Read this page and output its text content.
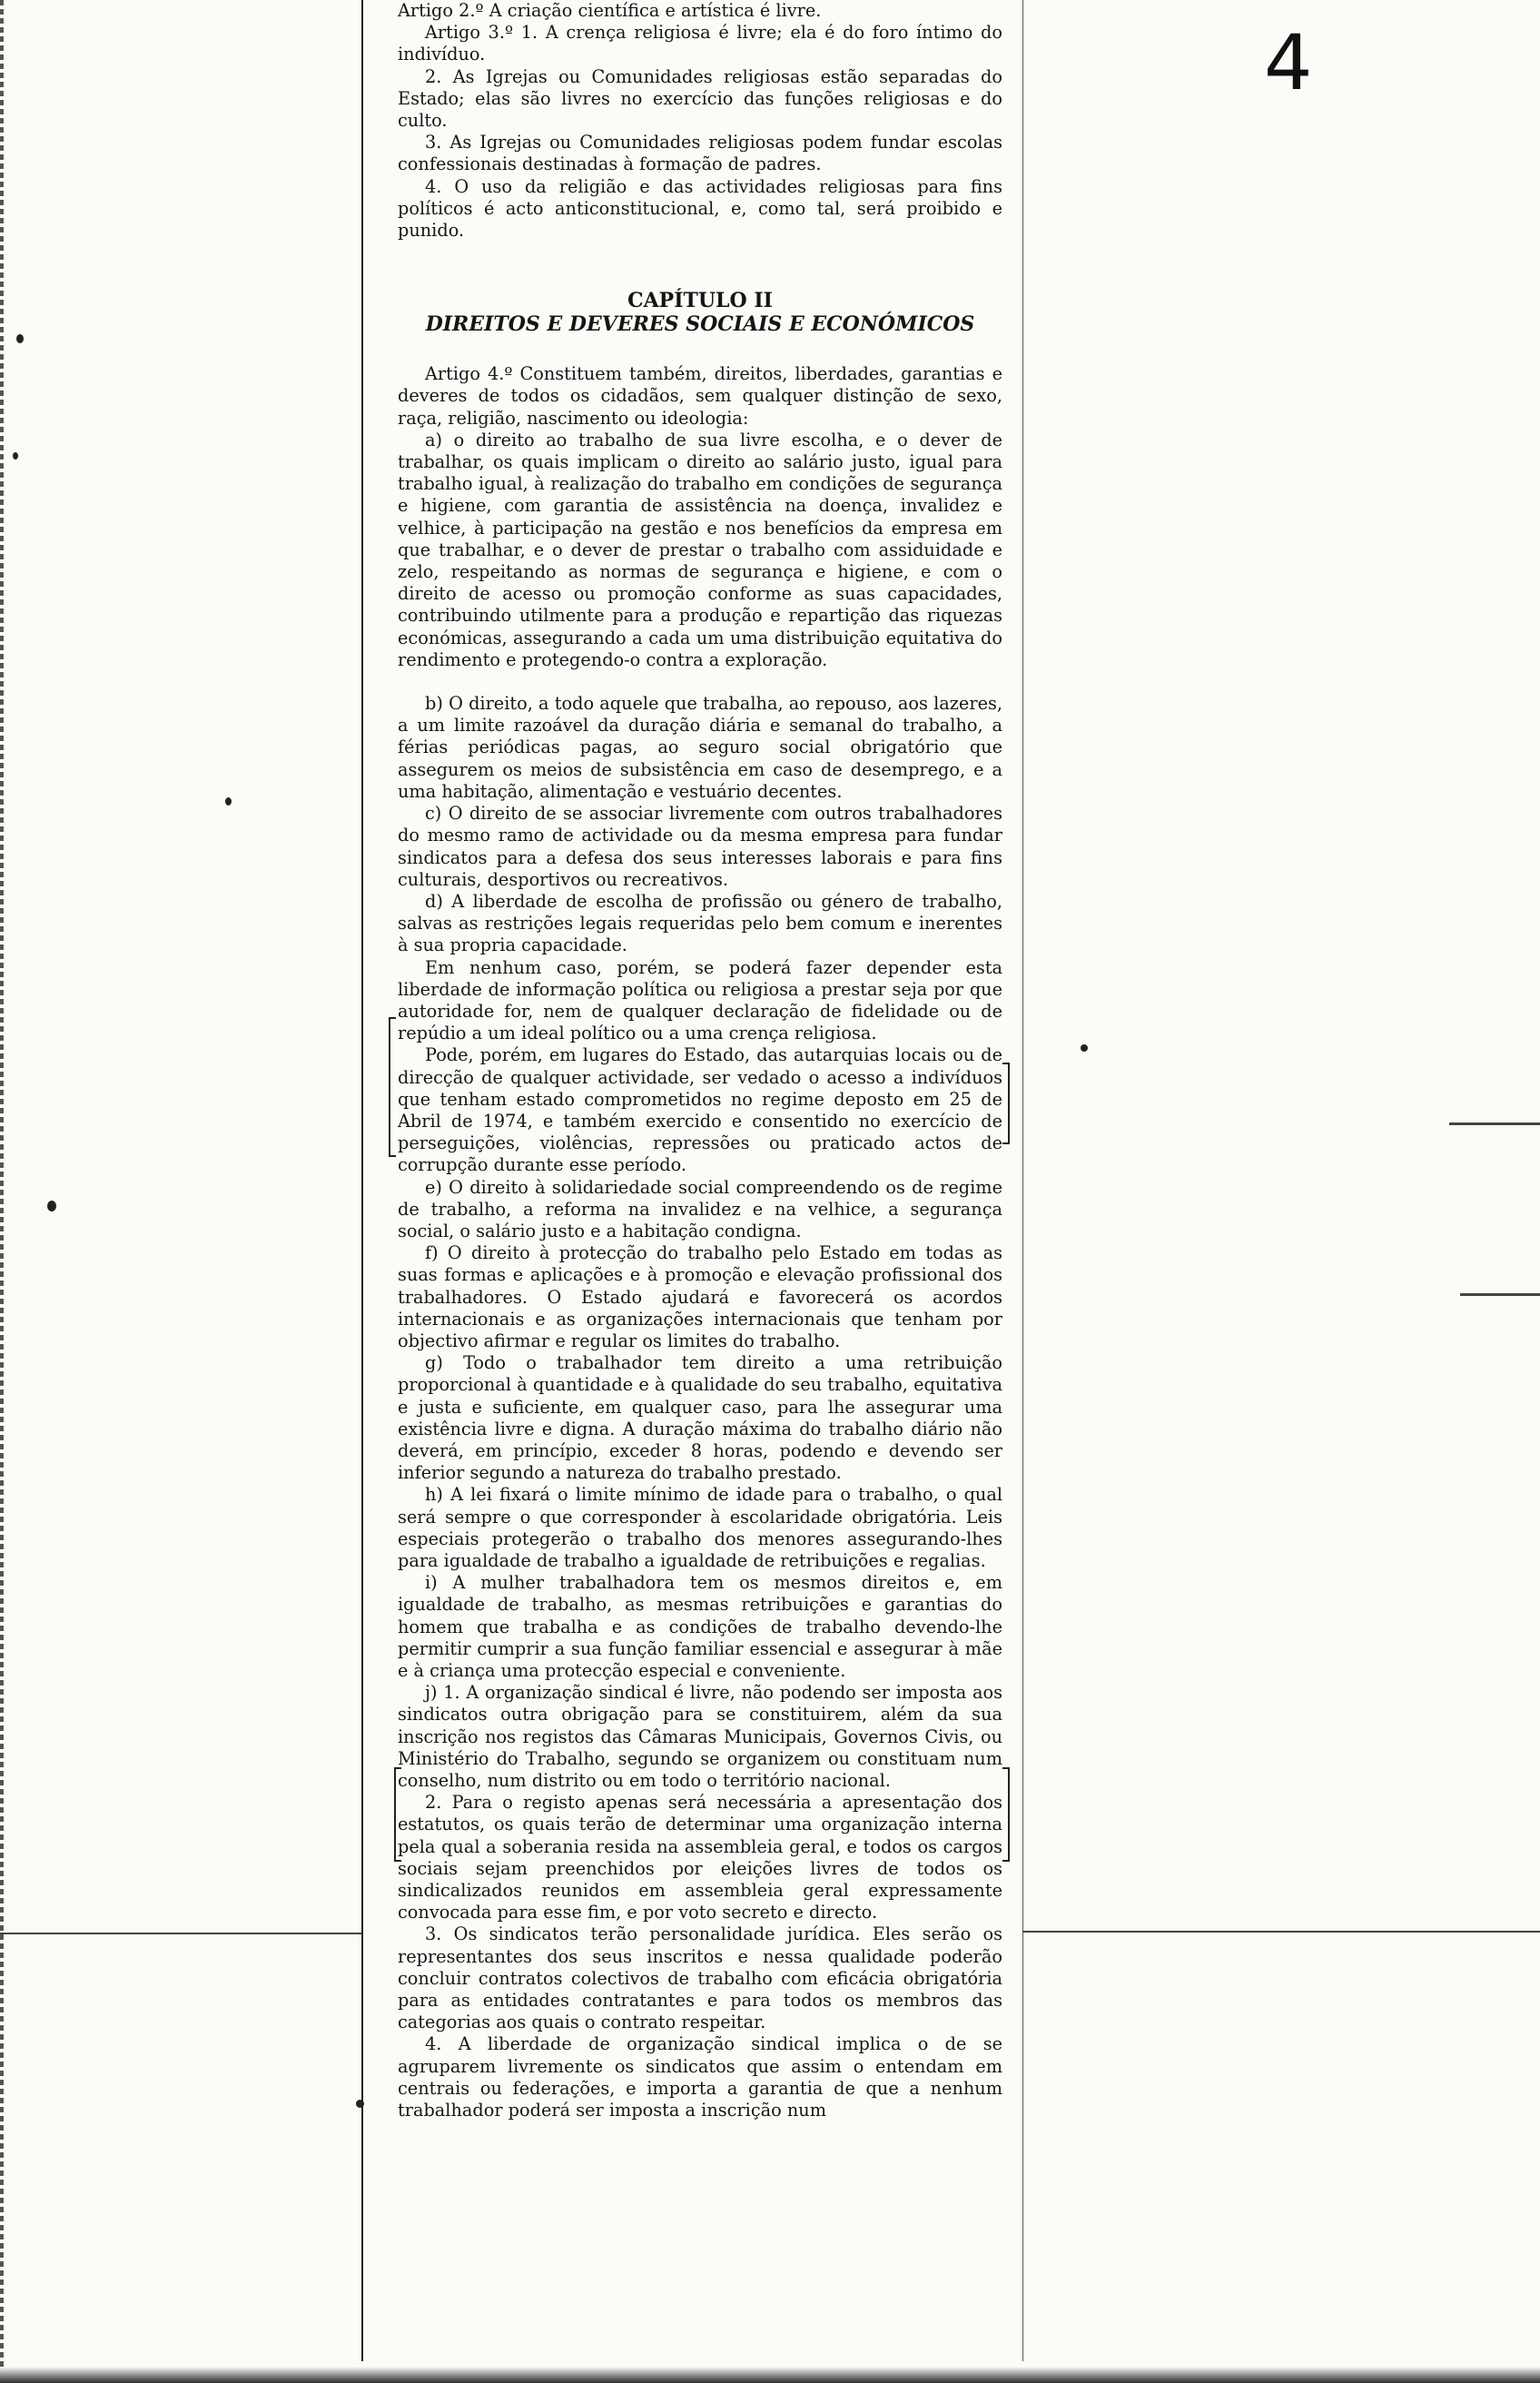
4

Artigo 2.º A criação científica e artística é livre.

Artigo 3.º 1. A crença religiosa é livre; ela é do foro íntimo do indivíduo.

2. As Igrejas ou Comunidades religiosas estão separadas do Estado; elas são livres no exercício das funções religiosas e do culto.

3. As Igrejas ou Comunidades religiosas podem fundar escolas confessionais destinadas à formação de padres.

4. O uso da religião e das actividades religiosas para fins políticos é acto anticonstitucional, e, como tal, será proibido e punido.

CAPÍTULO II
DIREITOS E DEVERES SOCIAIS E ECONÓMICOS

Artigo 4.º Constituem também, direitos, liberdades, garantias e deveres de todos os cidadãos, sem qualquer distinção de sexo, raça, religião, nascimento ou ideologia:

a) o direito ao trabalho de sua livre escolha, e o dever de trabalhar, os quais implicam o direito ao salário justo, igual para trabalho igual, à realização do trabalho em condições de segurança e higiene, com garantia de assistência na doença, invalidez e velhice, à participação na gestão e nos benefícios da empresa em que trabalhar, e o dever de prestar o trabalho com assiduidade e zelo, respeitando as normas de segurança e higiene, e com o direito de acesso ou promoção conforme as suas capacidades, contribuindo utilmente para a produção e repartição das riquezas económicas, assegurando a cada um uma distribuição equitativa do rendimento e protegendo-o contra a exploração.

b) O direito, a todo aquele que trabalha, ao repouso, aos lazeres, a um limite razoável da duração diária e semanal do trabalho, a férias periódicas pagas, ao seguro social obrigatório que assegurem os meios de subsistência em caso de desemprego, e a uma habitação, alimentação e vestuário decentes.

c) O direito de se associar livremente com outros trabalhadores do mesmo ramo de actividade ou da mesma empresa para fundar sindicatos para a defesa dos seus interesses laborais e para fins culturais, desportivos ou recreativos.

d) A liberdade de escolha de profissão ou género de trabalho, salvas as restrições legais requeridas pelo bem comum e inerentes à sua propria capacidade.

Em nenhum caso, porém, se poderá fazer depender esta liberdade de informação política ou religiosa a prestar seja por que autoridade for, nem de qualquer declaração de fidelidade ou de repúdio a um ideal político ou a uma crença religiosa.

Pode, porém, em lugares do Estado, das autarquias locais ou de direcção de qualquer actividade, ser vedado o acesso a indivíduos que tenham estado comprometidos no regime deposto em 25 de Abril de 1974, e também exercido e consentido no exercício de perseguições, violências, repressões ou praticado actos de corrupção durante esse período.

e) O direito à solidariedade social compreendendo os de regime de trabalho, a reforma na invalidez e na velhice, a segurança social, o salário justo e a habitação condigna.

f) O direito à protecção do trabalho pelo Estado em todas as suas formas e aplicações e à promoção e elevação profissional dos trabalhadores. O Estado ajudará e favorecerá os acordos internacionais e as organizações internacionais que tenham por objectivo afirmar e regular os limites do trabalho.

g) Todo o trabalhador tem direito a uma retribuição proporcional à quantidade e à qualidade do seu trabalho, equitativa e justa e suficiente, em qualquer caso, para lhe assegurar uma existência livre e digna. A duração máxima do trabalho diário não deverá, em princípio, exceder 8 horas, podendo e devendo ser inferior segundo a natureza do trabalho prestado.

h) A lei fixará o limite mínimo de idade para o trabalho, o qual será sempre o que corresponder à escolaridade obrigatória. Leis especiais protegerão o trabalho dos menores assegurando-lhes para igualdade de trabalho a igualdade de retribuições e regalias.

i) A mulher trabalhadora tem os mesmos direitos e, em igualdade de trabalho, as mesmas retribuições e garantias do homem que trabalha e as condições de trabalho devendo-lhe permitir cumprir a sua função familiar essencial e assegurar à mãe e à criança uma protecção especial e conveniente.

j) 1. A organização sindical é livre, não podendo ser imposta aos sindicatos outra obrigação para se constituirem, além da sua inscrição nos registos das Câmaras Municipais, Governos Civis, ou Ministério do Trabalho, segundo se organizem ou constituam num conselho, num distrito ou em todo o território nacional.

2. Para o registo apenas será necessária a apresentação dos estatutos, os quais terão de determinar uma organização interna pela qual a soberania resida na assembleia geral, e todos os cargos sociais sejam preenchidos por eleições livres de todos os sindicalizados reunidos em assembleia geral expressamente convocada para esse fim, e por voto secreto e directo.

3. Os sindicatos terão personalidade jurídica. Eles serão os representantes dos seus inscritos e nessa qualidade poderão concluir contratos colectivos de trabalho com eficácia obrigatória para as entidades contratantes e para todos os membros das categorias aos quais o contrato respeitar.

4. A liberdade de organização sindical implica o de se agruparem livremente os sindicatos que assim o entendam em centrais ou federações, e importa a garantia de que a nenhum trabalhador poderá ser imposta a inscrição num
